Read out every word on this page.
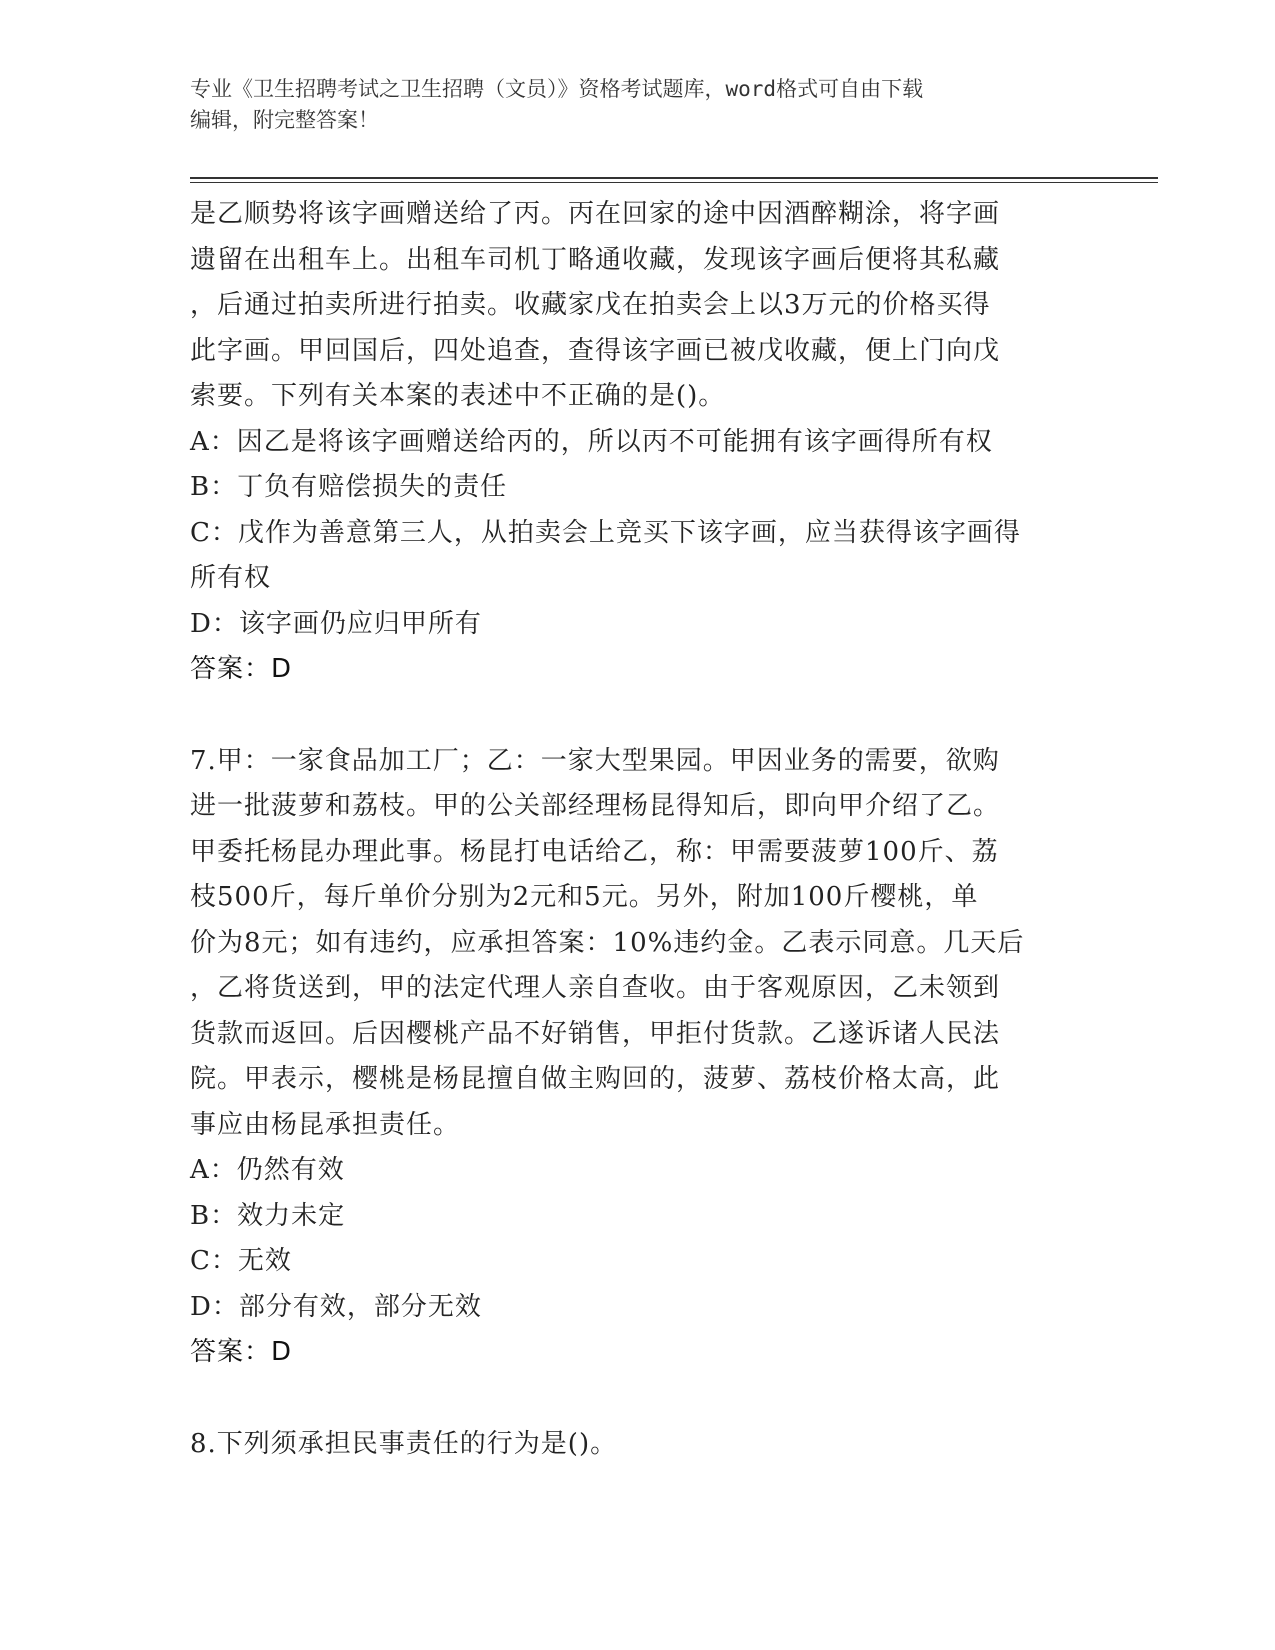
专业《卫生招聘考试之卫生招聘（文员）》资格考试题库，word格式可自由下载
编辑，附完整答案！

是乙顺势将该字画赠送给了丙。丙在回家的途中因酒醉糊涂，将字画

遗留在出租车上。出租车司机丁略通收藏，发现该字画后便将其私藏

，后通过拍卖所进行拍卖。收藏家戊在拍卖会上以3万元的价格买得

此字画。甲回国后，四处追查，查得该字画已被戊收藏，便上门向戊

索要。下列有关本案的表述中不正确的是()。

A：因乙是将该字画赠送给丙的，所以丙不可能拥有该字画得所有权

B：丁负有赔偿损失的责任

C：戊作为善意第三人，从拍卖会上竞买下该字画，应当获得该字画得

所有权

D：该字画仍应归甲所有

答案：D

7.甲：一家食品加工厂；乙：一家大型果园。甲因业务的需要，欲购

进一批菠萝和荔枝。甲的公关部经理杨昆得知后，即向甲介绍了乙。

甲委托杨昆办理此事。杨昆打电话给乙，称：甲需要菠萝100斤、荔

枝500斤，每斤单价分别为2元和5元。另外，附加100斤樱桃，单

价为8元；如有违约，应承担答案：10%违约金。乙表示同意。几天后

，乙将货送到，甲的法定代理人亲自查收。由于客观原因，乙未领到

货款而返回。后因樱桃产品不好销售，甲拒付货款。乙遂诉诸人民法

院。甲表示，樱桃是杨昆擅自做主购回的，菠萝、荔枝价格太高，此

事应由杨昆承担责任。

A：仍然有效

B：效力未定

C：无效

D：部分有效，部分无效

答案：D

8.下列须承担民事责任的行为是()。
